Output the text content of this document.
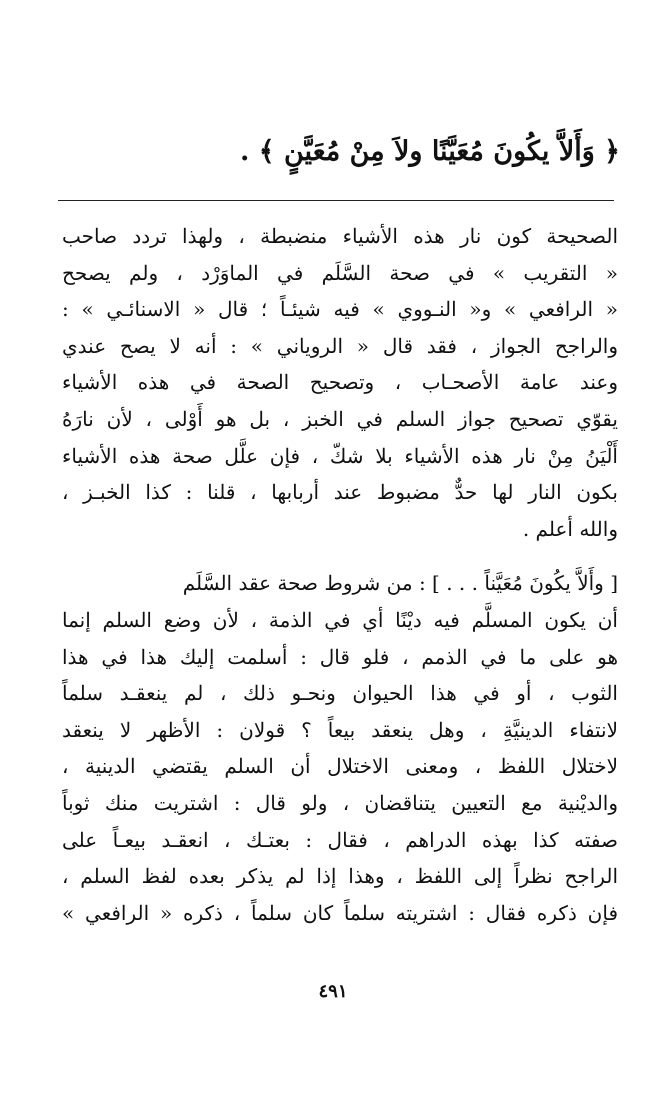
﴿ وَأَلاَّ يكُونَ مُعَيَّنًا ولاَ مِنْ مُعَيَّنٍ ﴾ .
الصحيحة كون نار هذه الأشياء منضبطة ، ولهذا تردد صاحب
« التقريب » في صحة السَّلَم في الماوَرْد ، ولم يصحح
« الرافعي » و« النـووي » فيه شيئـاً ؛ قال « الاسنائـي » :
والراجح الجواز ، فقد قال « الروياني » : أنه لا يصح عندي
وعند عامة الأصحـاب ، وتصحيح الصحة في هذه الأشياء
يقوّي تصحيح جواز السلم في الخبز ، بل هو أَوْلى ، لأن نارَهُ
أَلْيَنُ مِنْ نار هذه الأشياء بلا شكّ ، فإن علَّل صحة هذه الأشياء
بكون النار لها حدٌّ مضبوط عند أربابها ، قلنا : كذا الخبـز ،
والله أعلم .
[ وأَلاَّ يكُونَ مُعَيَّناً . . . ] : من شروط صحة عقد السَّلَم
أن يكون المسلَّم فيه ديْنًا أي في الذمة ، لأن وضع السلم إنما
هو على ما في الذمم ، فلو قال : أسلمت إليك هذا في هذا
الثوب ، أو في هذا الحيوان ونحـو ذلك ، لم ينعقـد سلماً
لانتفاء الدينيَّةِ ، وهل ينعقد بيعاً ؟ قولان : الأظهر لا ينعقد
لاختلال اللفظ ، ومعنى الاختلال أن السلم يقتضي الدينية ،
والديْنية مع التعيين يتناقضان ، ولو قال : اشتريت منك ثوباً
صفته كذا بهذه الدراهم ، فقال : بعتـك ، انعقـد بيعـاً على
الراجح نظراً إلى اللفظ ، وهذا إذا لم يذكر بعده لفظ السلم ،
فإن ذكره فقال : اشتريته سلماً كان سلماً ، ذكره « الرافعي »
٤٩١
